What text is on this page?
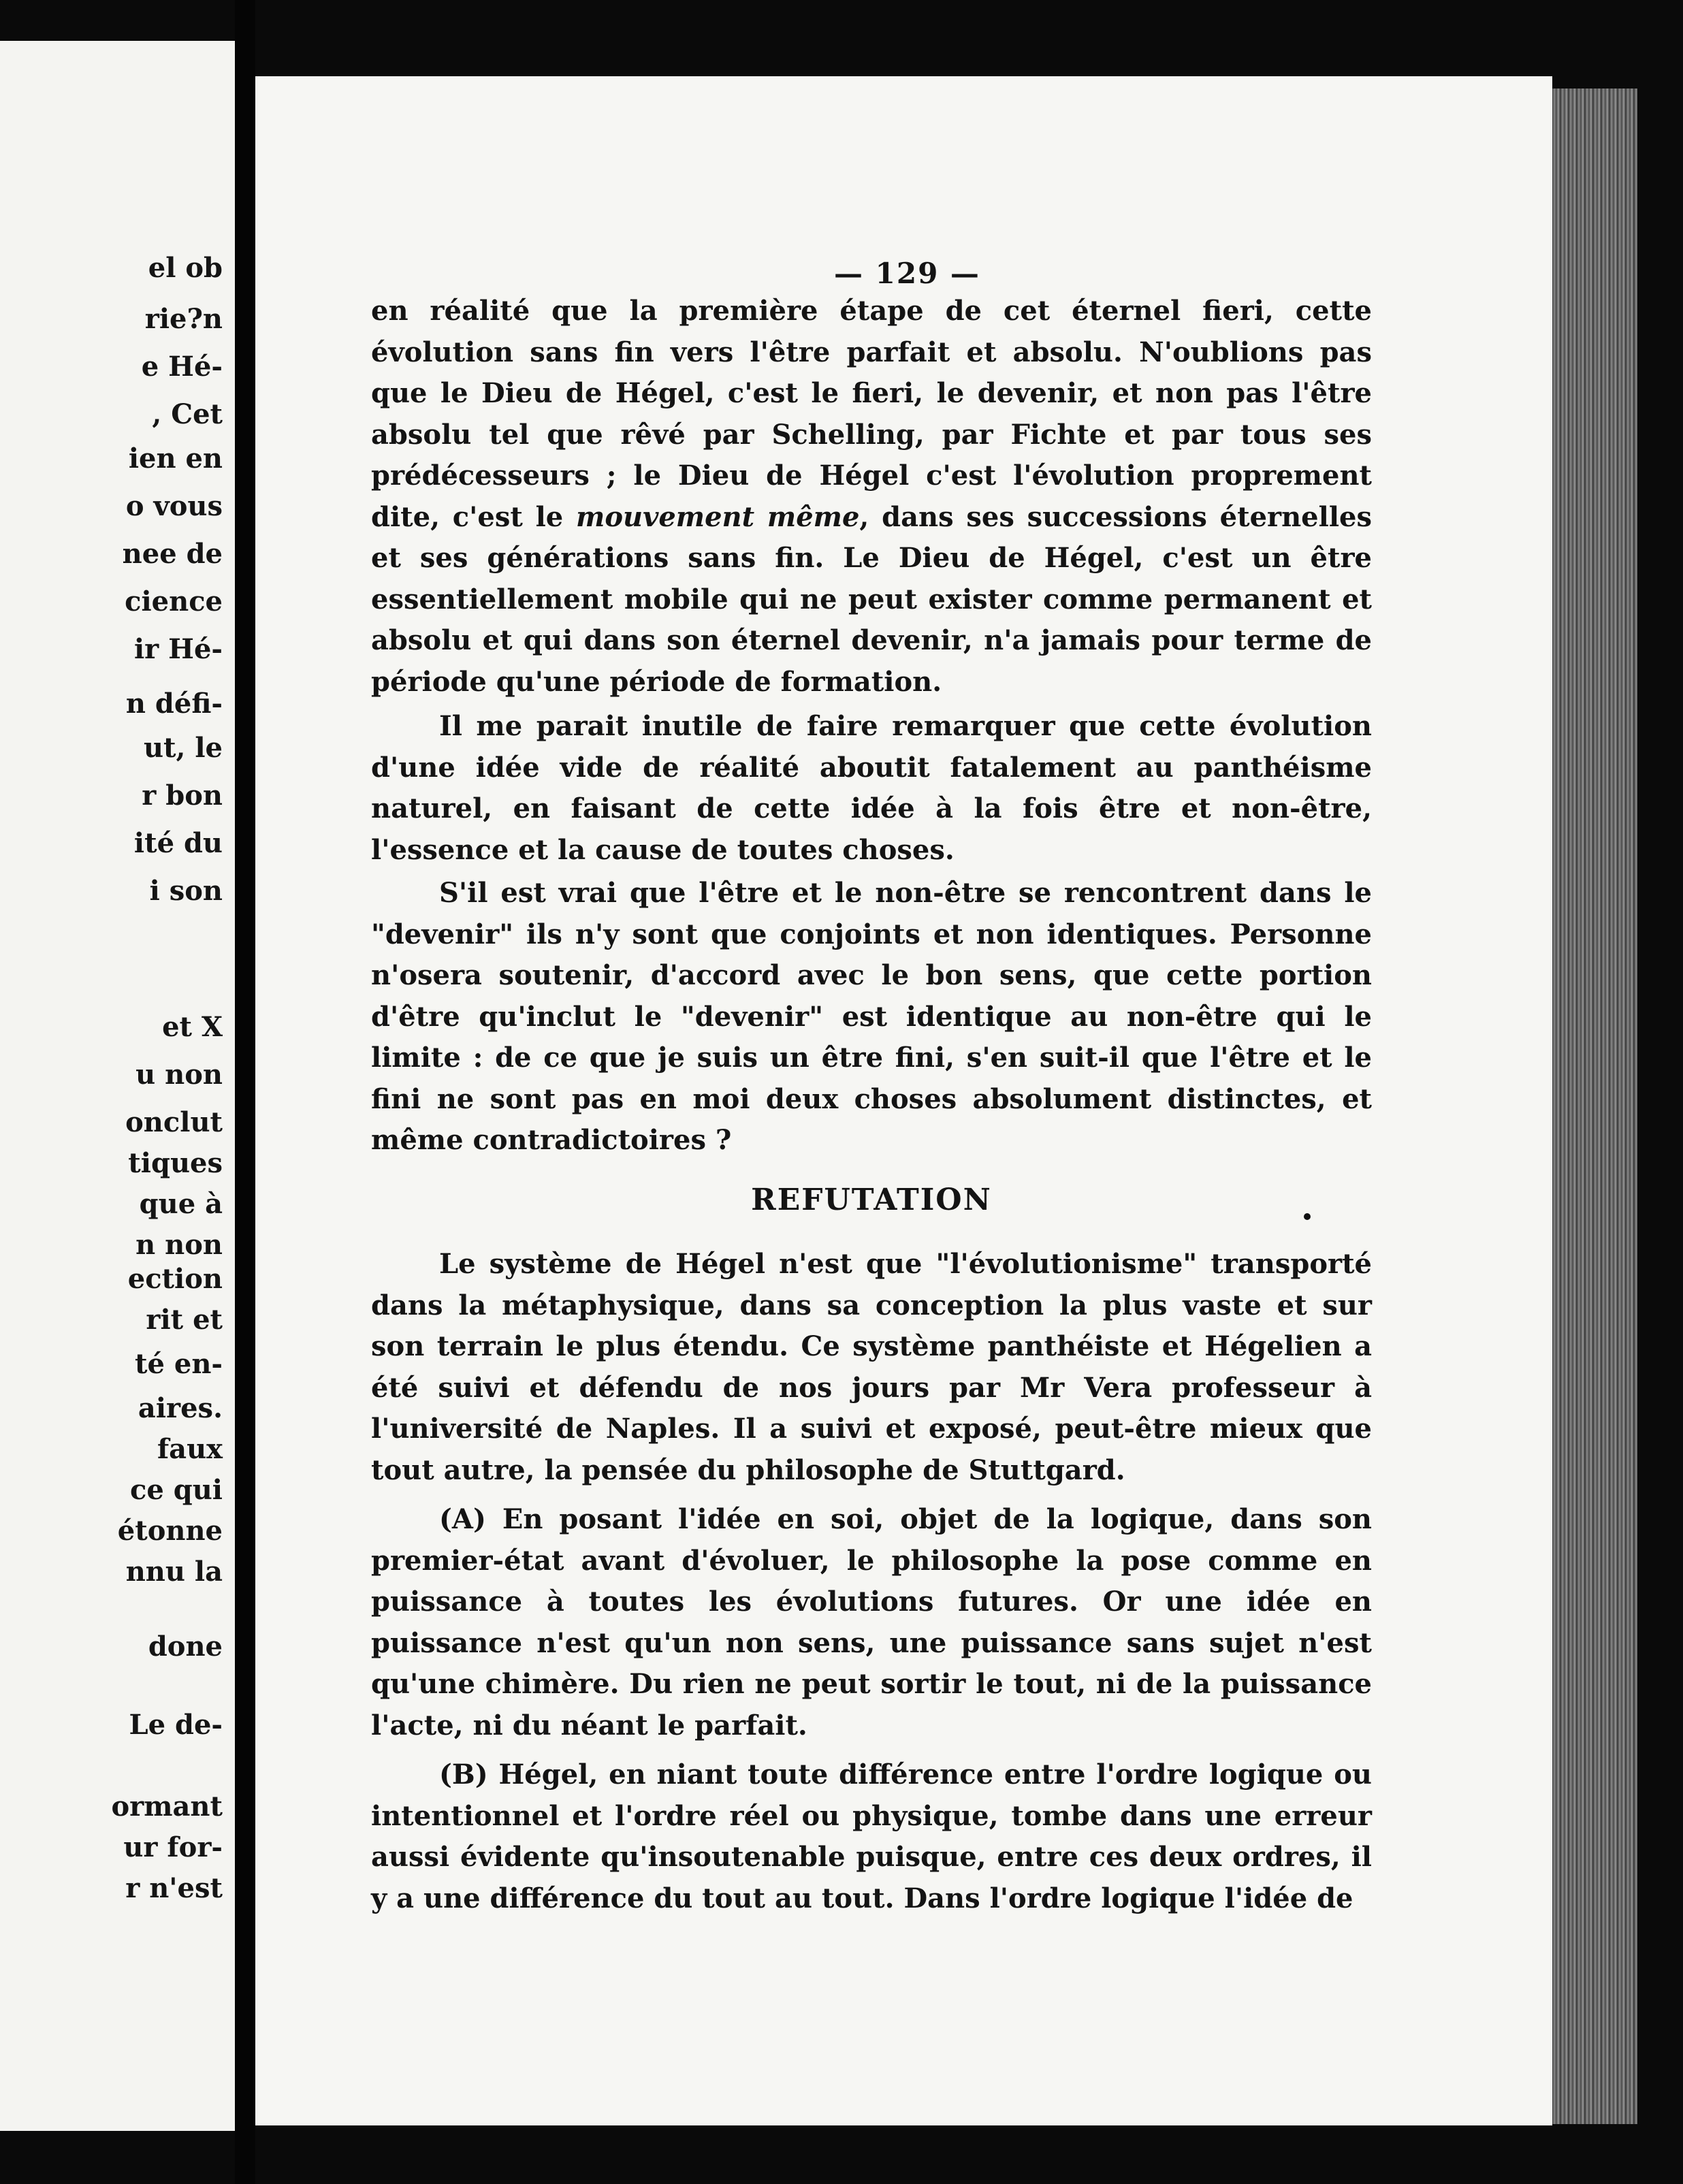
el ob
rie?n
e Hé-
, Cet
ien en
o vous
nee de
cience
ir Hé-
n défi-
ut, le
r bon
ité du
i son
et X
u non
onclut
tiques
que à
n non
ection
rit et
té en-
aires.
faux
ce qui
étonne
nnu la
done
Le de-
ormant
ur for-
r n'est
— 129 —

en réalité que la première étape de cet éternel fieri, cette évolution sans fin vers l'être parfait et absolu. N'oublions pas que le Dieu de Hégel, c'est le fieri, le devenir, et non pas l'être absolu tel que rêvé par Schelling, par Fichte et par tous ses prédécesseurs ; le Dieu de Hégel c'est l'évolution proprement dite, c'est le mouvement même, dans ses successions éternelles et ses générations sans fin. Le Dieu de Hégel, c'est un être essentiellement mobile qui ne peut exister comme permanent et absolu et qui dans son éternel devenir, n'a jamais pour terme de période qu'une période de formation.

Il me parait inutile de faire remarquer que cette évolution d'une idée vide de réalité aboutit fatalement au panthéisme naturel, en faisant de cette idée à la fois être et non-être, l'essence et la cause de toutes choses.

S'il est vrai que l'être et le non-être se rencontrent dans le "devenir" ils n'y sont que conjoints et non identiques. Personne n'osera soutenir, d'accord avec le bon sens, que cette portion d'être qu'inclut le "devenir" est identique au non-être qui le limite : de ce que je suis un être fini, s'en suit-il que l'être et le fini ne sont pas en moi deux choses absolument distinctes, et même contradictoires ?

REFUTATION

Le système de Hégel n'est que "l'évolutionisme" transporté dans la métaphysique, dans sa conception la plus vaste et sur son terrain le plus étendu. Ce système panthéiste et Hégelien a été suivi et défendu de nos jours par Mr Vera professeur à l'université de Naples. Il a suivi et exposé, peut-être mieux que tout autre, la pensée du philosophe de Stuttgard.

(A) En posant l'idée en soi, objet de la logique, dans son premier-état avant d'évoluer, le philosophe la pose comme en puissance à toutes les évolutions futures. Or une idée en puissance n'est qu'un non sens, une puissance sans sujet n'est qu'une chimère. Du rien ne peut sortir le tout, ni de la puissance l'acte, ni du néant le parfait.

(B) Hégel, en niant toute différence entre l'ordre logique ou intentionnel et l'ordre réel ou physique, tombe dans une erreur aussi évidente qu'insoutenable puisque, entre ces deux ordres, il y a une différence du tout au tout. Dans l'ordre logique l'idée de
